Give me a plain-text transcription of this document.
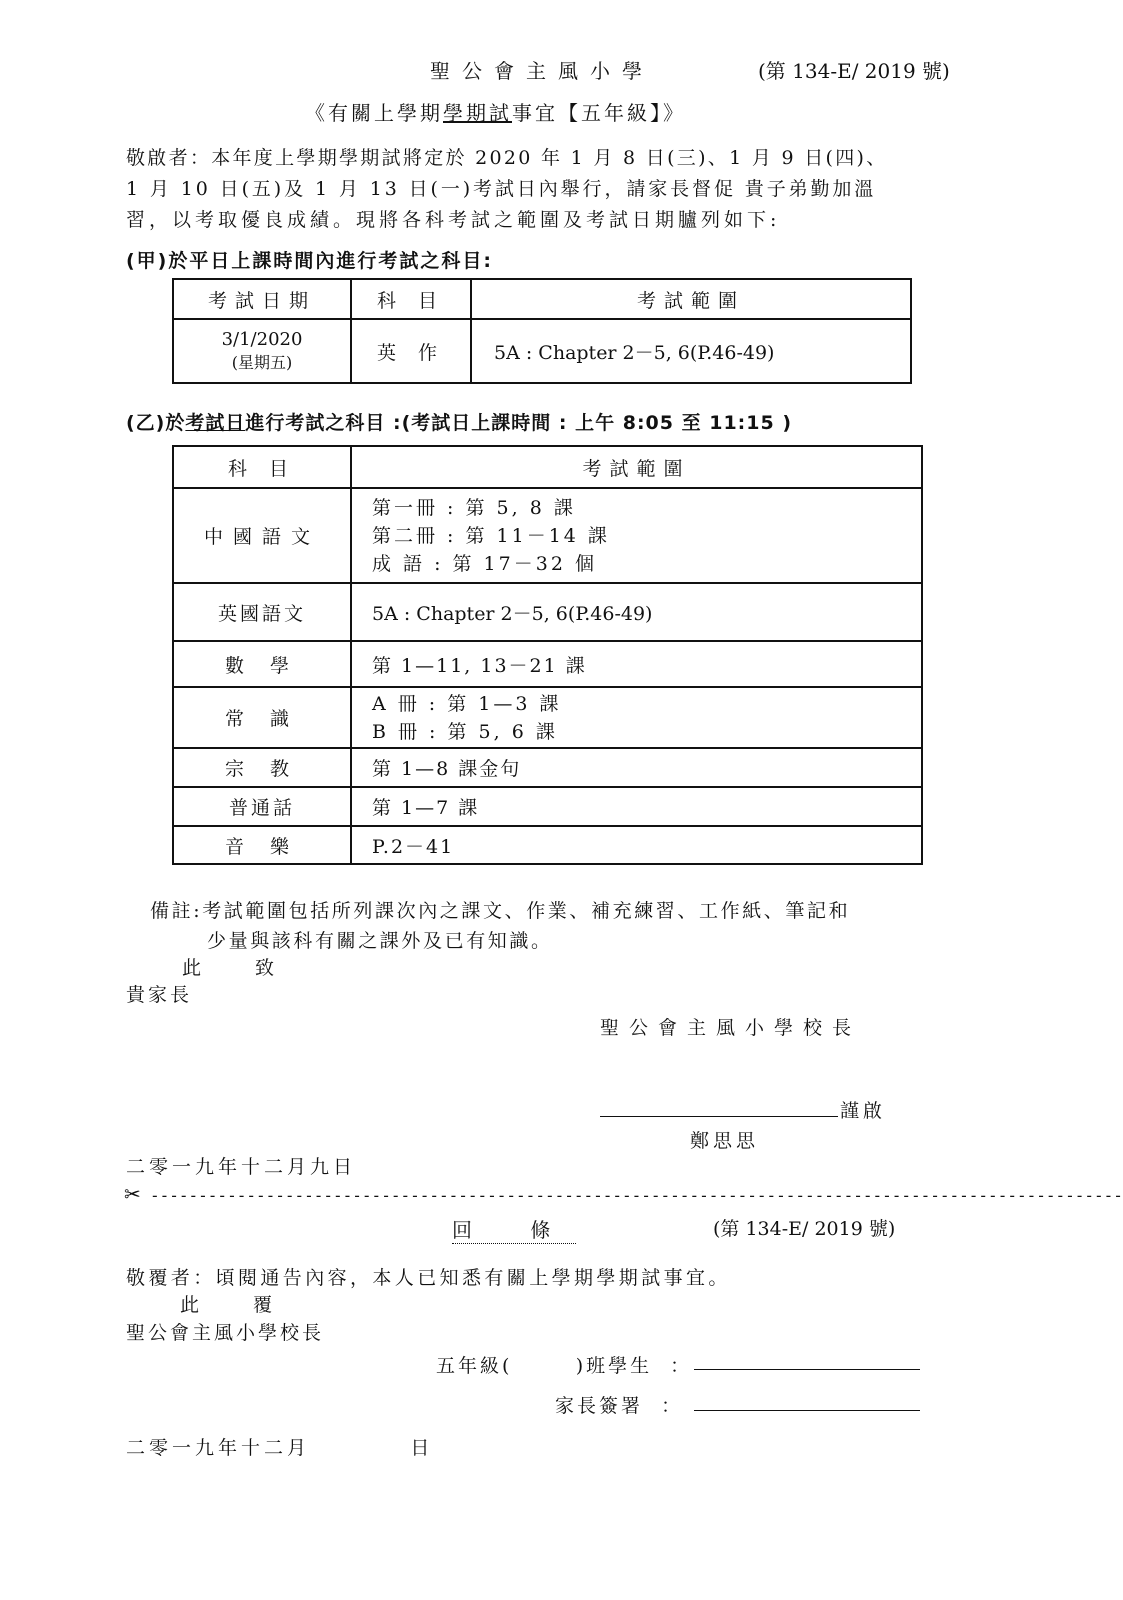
聖公會主風小學	(第 134-E/ 2019 號)
《有關上學期學期試事宜【五年級】》
敬啟者：本年度上學期學期試將定於 2020 年 1 月 8 日(三)、1 月 9 日(四)、
1 月 10 日(五)及 1 月 13 日(一)考試日內舉行，請家長督促 貴子弟勤加溫
習，以考取優良成績。現將各科考試之範圍及考試日期臚列如下:
(甲)於平日上課時間內進行考試之科目:
考試日期	科 目	考試範圍

3/1/2020
(星期五)	英 作	5A : Chapter 2－5, 6(P.46-49)
(乙)於考試日進行考試之科目 :(考試日上課時間 : 上午 8:05 至 11:15 )
科 目	考試範圍
中國語文	第一冊 : 第 5, 8 課
第二冊 : 第 11－14 課
成 語 : 第 17－32 個

英國語文	5A : Chapter 2－5, 6(P.46-49)
數 學	第 1—11, 13－21 課
常 識	A 冊 : 第 1—3 課
B 冊 : 第 5, 6 課

宗 教	第 1—8 課金句
普通話	第 1—7 課
音 樂	P.2－41
備註:考試範圍包括所列課次內之課文、作業、補充練習、工作紙、筆記和
少量與該科有關之課外及已有知識。
此 致
貴家長
聖公會主風小學校長
謹啟
鄭思思
二零一九年十二月九日
✂ -----------------------------------------------------------------------------------------------------
回 條	(第 134-E/ 2019 號)
敬覆者：頃閱通告內容，本人已知悉有關上學期學期試事宜。
此 覆
聖公會主風小學校長
五年級(       )班學生  ：
家長簽署  ：
二零一九年十二月          日
